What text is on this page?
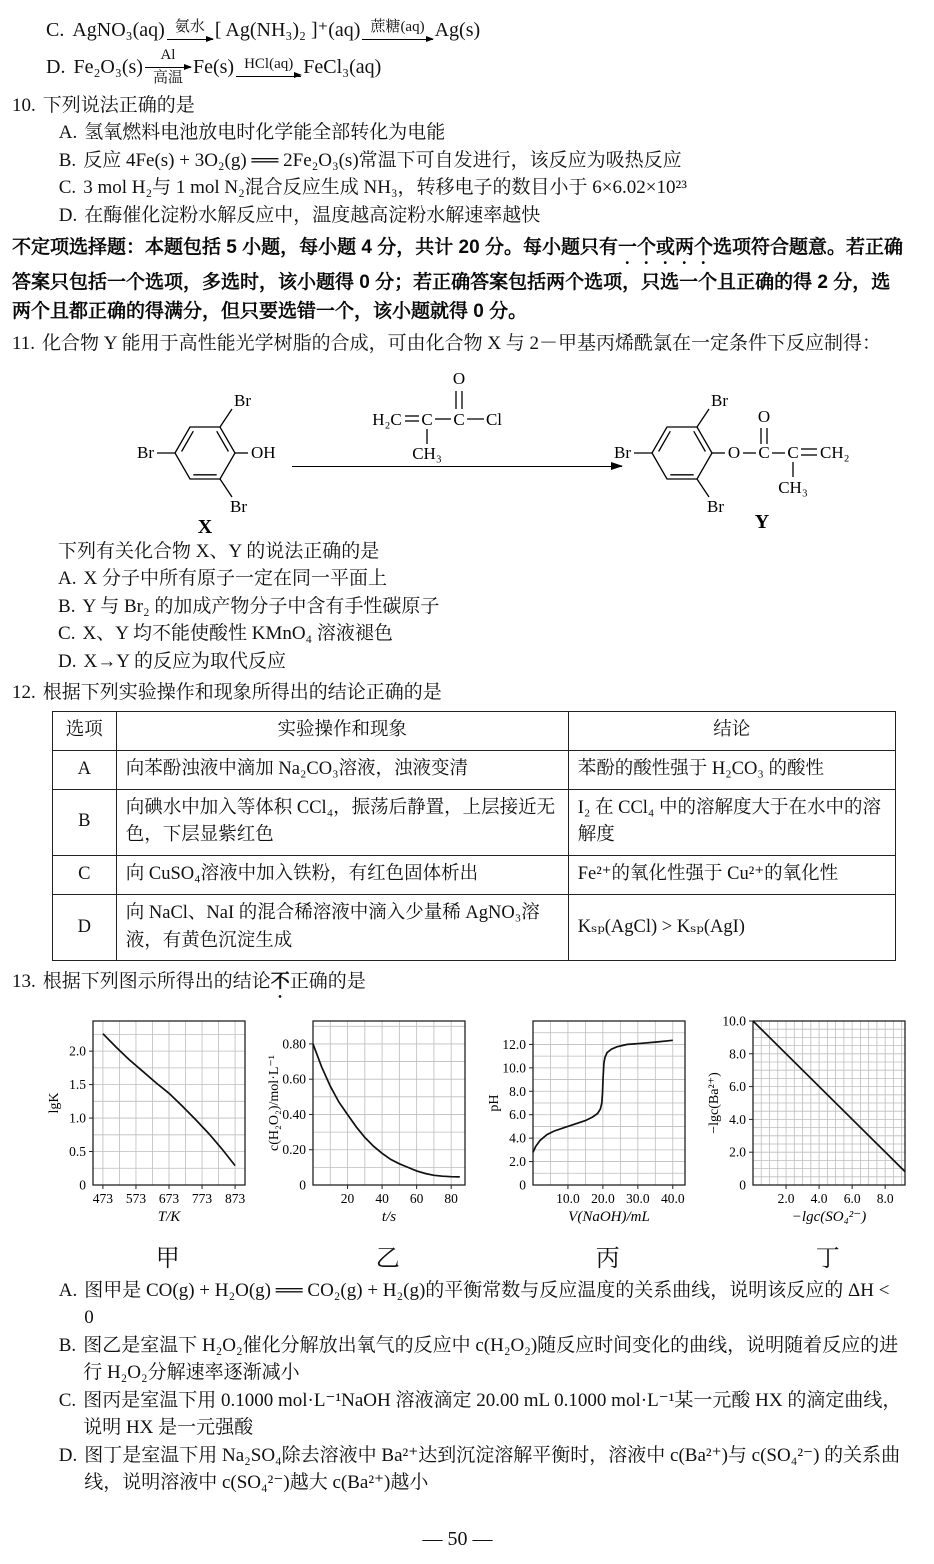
C. AgNO₃(aq) 氨水 [ Ag(NH₃)₂ ]⁺(aq) 蔗糖(aq) Ag(s)
D. Fe₂O₃(s)
Al
高温
Fe(s) HCl(aq) FeCl₃(aq)
10. 下列说法正确的是
A. 氢氧燃料电池放电时化学能全部转化为电能
B. 反应 4Fe(s) + 3O₂(g) ══ 2Fe₂O₃(s)常温下可自发进行，该反应为吸热反应
C. 3 mol H₂与 1 mol N₂混合反应生成 NH₃，转移电子的数目小于 6×6.02×10²³
D. 在酶催化淀粉水解反应中，温度越高淀粉水解速率越快

不定项选择题：本题包括 5 小题，每小题 4 分，共计 20 分。每小题只有一个或两个选项符合题意。若正确答案只包括一个选项，多选时，该小题得 0 分；若正确答案包括两个选项，只选一个且正确的得 2 分，选两个且都正确的得满分，但只要选错一个，该小题就得 0 分。

11. 化合物 Y 能用于高性能光学树脂的合成，可由化合物 X 与 2－甲基丙烯酰氯在一定条件下反应制得：
Br
Br
Br
OH
X
H₂C C
CH₃
C
O
Cl
Br
Br
Br
O C
O
C CH₂
CH₃
Y
下列有关化合物 X、Y 的说法正确的是
A. X 分子中所有原子一定在同一平面上
B. Y 与 Br₂ 的加成产物分子中含有手性碳原子
C. X、Y 均不能使酸性 KMnO₄ 溶液褪色
D. X→Y 的反应为取代反应
12. 根据下列实验操作和现象所得出的结论正确的是
选项	实验操作和现象	结论
A	向苯酚浊液中滴加 Na₂CO₃溶液，浊液变清	苯酚的酸性强于 H₂CO₃ 的酸性
B	向碘水中加入等体积 CCl₄，振荡后静置，上层接近无色，下层显紫红色	I₂ 在 CCl₄ 中的溶解度大于在水中的溶解度
C	向 CuSO₄溶液中加入铁粉，有红色固体析出	Fe²⁺的氧化性强于 Cu²⁺的氧化性
D	向 NaCl、NaI 的混合稀溶液中滴入少量稀 AgNO₃溶液，有黄色沉淀生成	Kₛₚ(AgCl) > Kₛₚ(AgI)
13. 根据下列图示所得出的结论不正确的是
0.5
1.0
1.5
2.0
0
473 573 673 773 873
T/K
lgK
甲
0.20
0.40
0.60
0.80
0
20 40 60 80
t/s
c(H₂O₂)/mol·L⁻¹
乙
2.0
4.0
6.0
8.0
10.0
12.0
0
10.0 20.0 30.0 40.0
V(NaOH)/mL
pH
丙
2.0
4.0
6.0
8.0
10.0
0
2.0 4.0 6.0 8.0
−lgc(SO₄²⁻)
−lgc(Ba²⁺)
丁
A. 图甲是 CO(g) + H₂O(g) ══ CO₂(g) + H₂(g)的平衡常数与反应温度的关系曲线，说明该反应的 ΔH < 0
B. 图乙是室温下 H₂O₂催化分解放出氧气的反应中 c(H₂O₂)随反应时间变化的曲线，说明随着反应的进行 H₂O₂分解速率逐渐减小
C. 图丙是室温下用 0.1000 mol·L⁻¹NaOH 溶液滴定 20.00 mL 0.1000 mol·L⁻¹某一元酸 HX 的滴定曲线，说明 HX 是一元强酸
D. 图丁是室温下用 Na₂SO₄除去溶液中 Ba²⁺达到沉淀溶解平衡时，溶液中 c(Ba²⁺)与 c(SO₄²⁻) 的关系曲线，说明溶液中 c(SO₄²⁻)越大 c(Ba²⁺)越小
— 50 —
